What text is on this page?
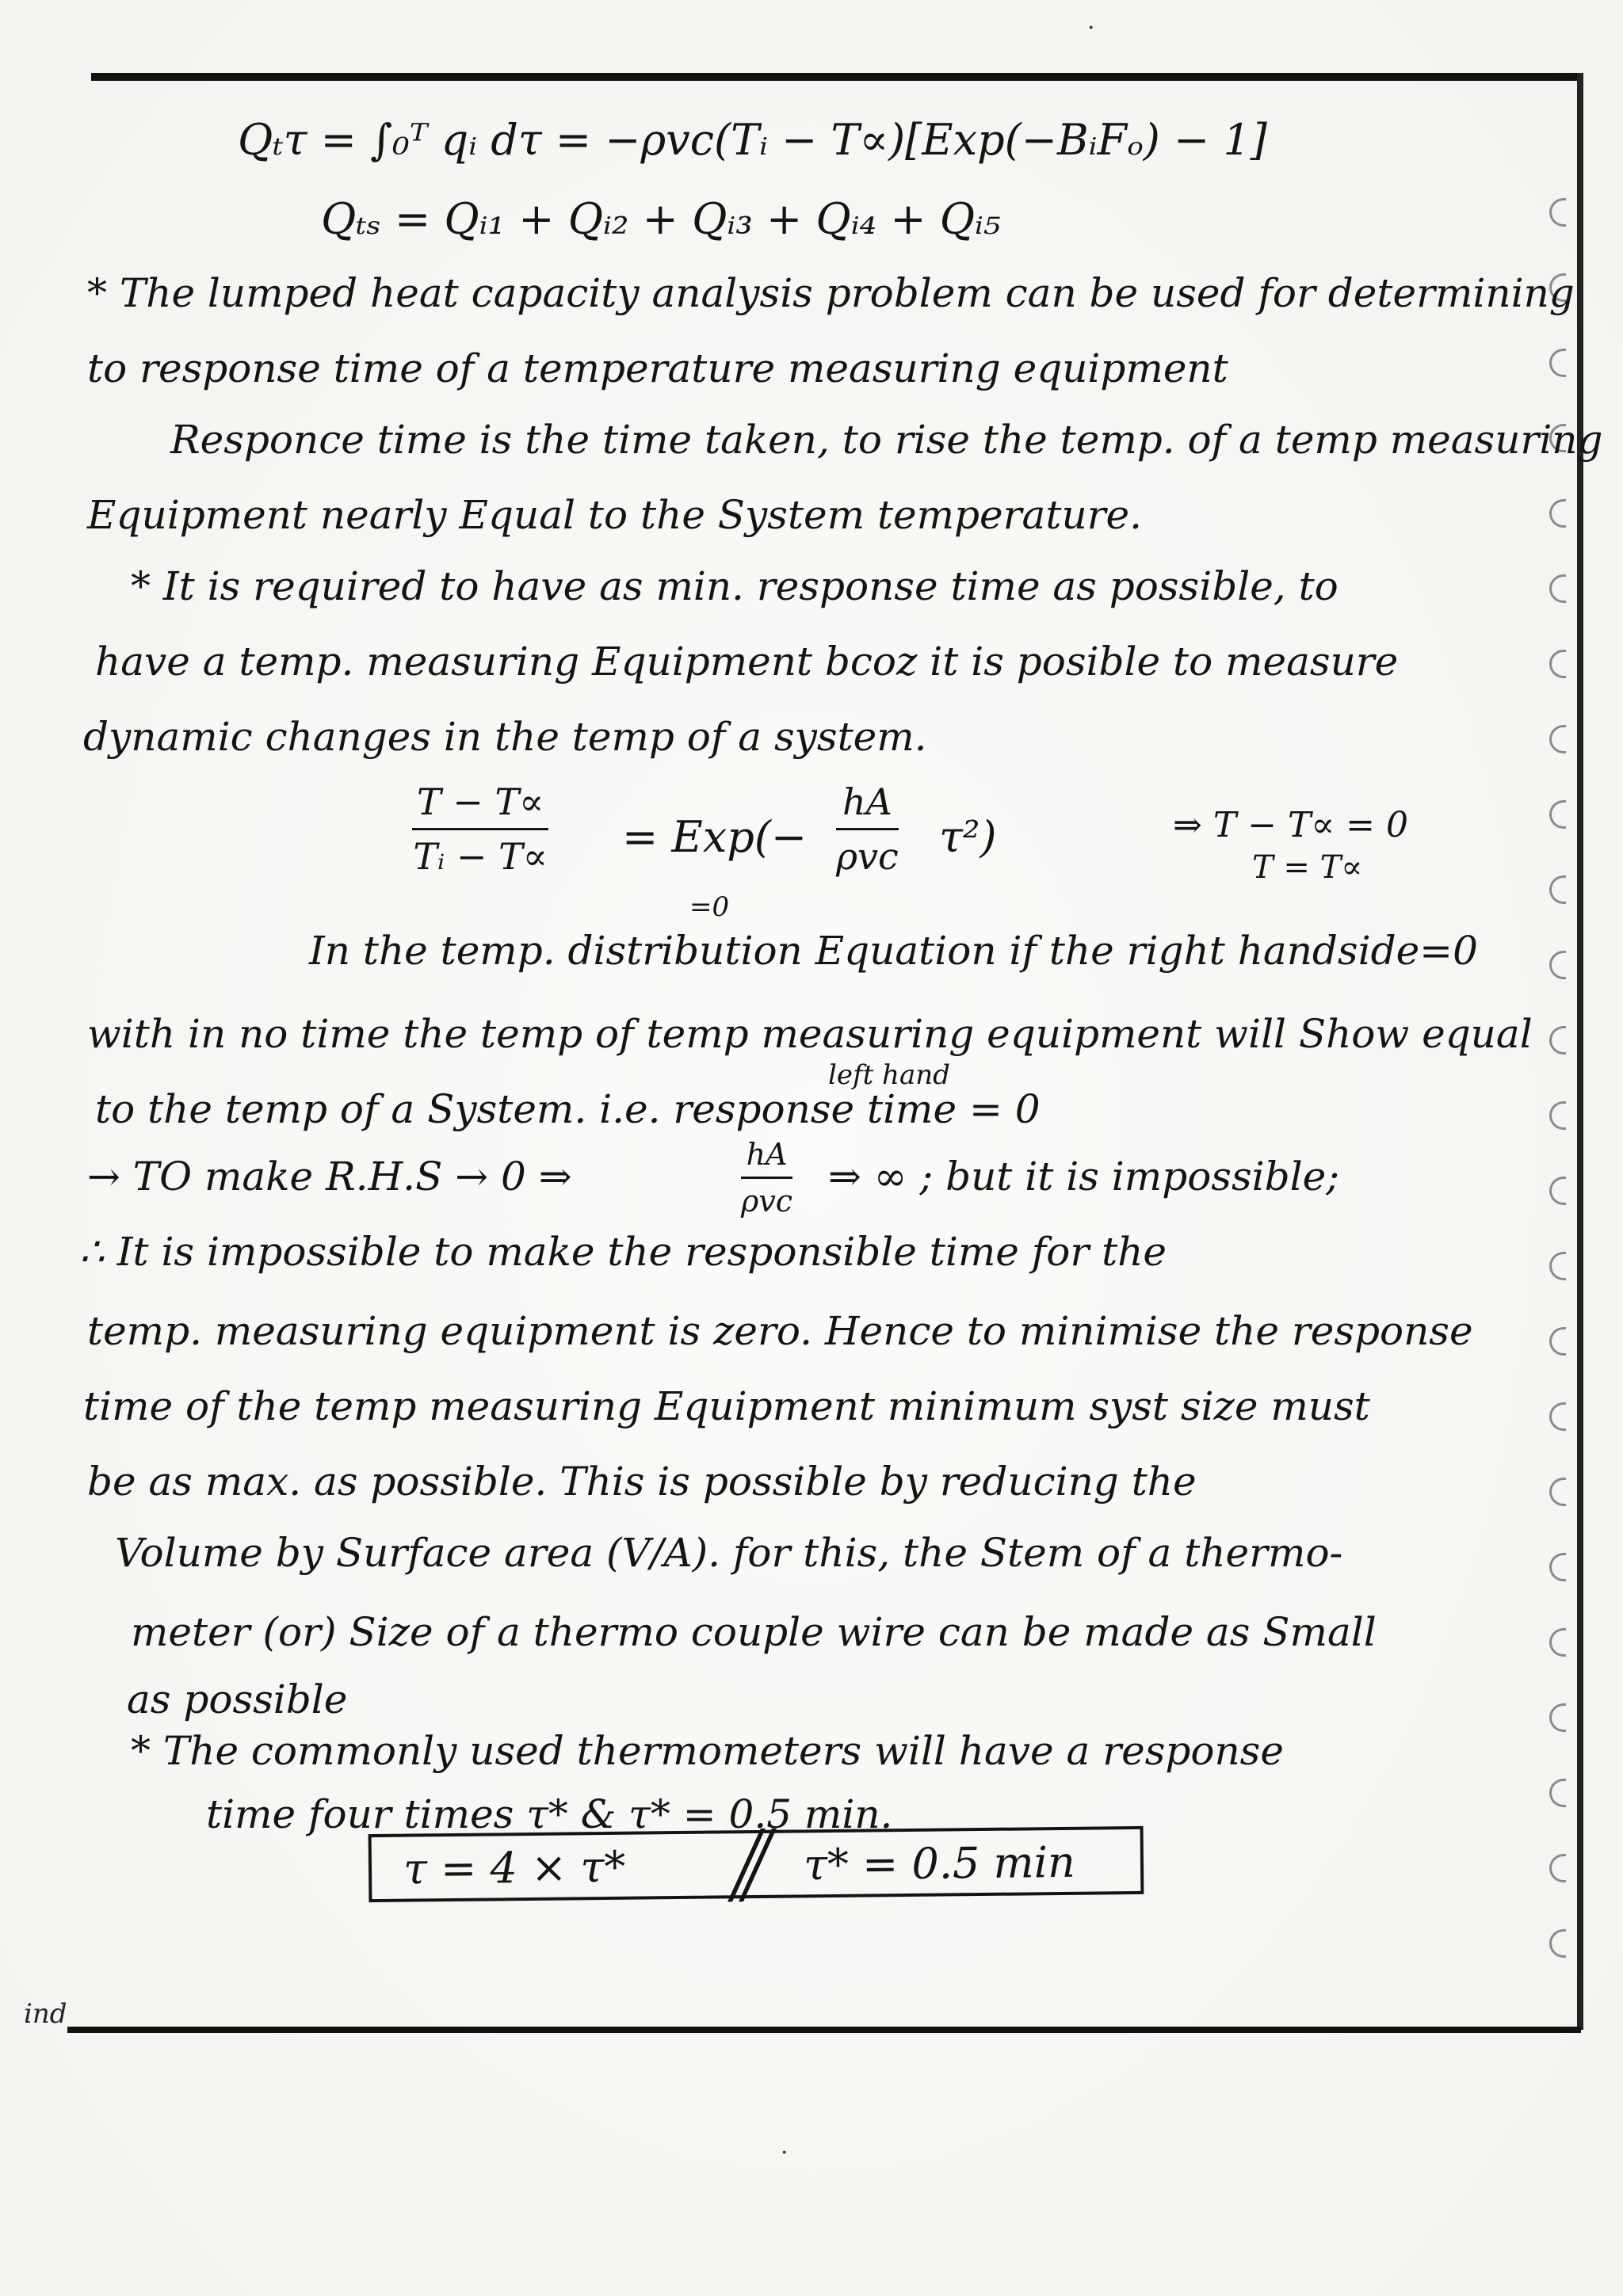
·
·
Qₜτ = ∫₀ᵀ qᵢ dτ = −ρvc(Tᵢ − T∝)[Exp(−BᵢFₒ) − 1]
Qₜₛ = Qᵢ₁ + Qᵢ₂ + Qᵢ₃ + Qᵢ₄ + Qᵢ₅
* The lumped heat capacity analysis problem can be used for determining
to response time of a temperature measuring equipment
Responce time is the time taken, to rise the temp. of a temp measuring
Equipment nearly Equal to the System temperature.
* It is required to have as min. response time as possible, to
have a temp. measuring Equipment bcoz it is posible to measure
dynamic changes in the temp of a system.
$\frac{T - T\propto}{\text{Tᵢ − T∝}} = Exp(-$
hA
ρvc τ²)
=0
⇒ T − T∝ = 0
T = T∝
In the temp. distribution Equation if the right handside=0
with in no time the temp of temp measuring equipment will Show equal
left hand
to the temp of a System. i.e. response time = 0
→ TO make R.H.S → 0 ⇒	hA
ρvc
⇒ ∞ ; but it is impossible;
∴ It is impossible to make the responsible time for the
temp. measuring equipment is zero. Hence to minimise the response
time of the temp measuring Equipment minimum syst size must
be as max. as possible. This is possible by reducing the
Volume by Surface area (V/A). for this, the Stem of a thermo-
meter (or) Size of a thermo couple wire can be made as Small
as possible
* The commonly used thermometers will have a response
time four times τ* & τ* = 0.5 min.
τ = 4 × τ*	τ* = 0.5 min
ind
